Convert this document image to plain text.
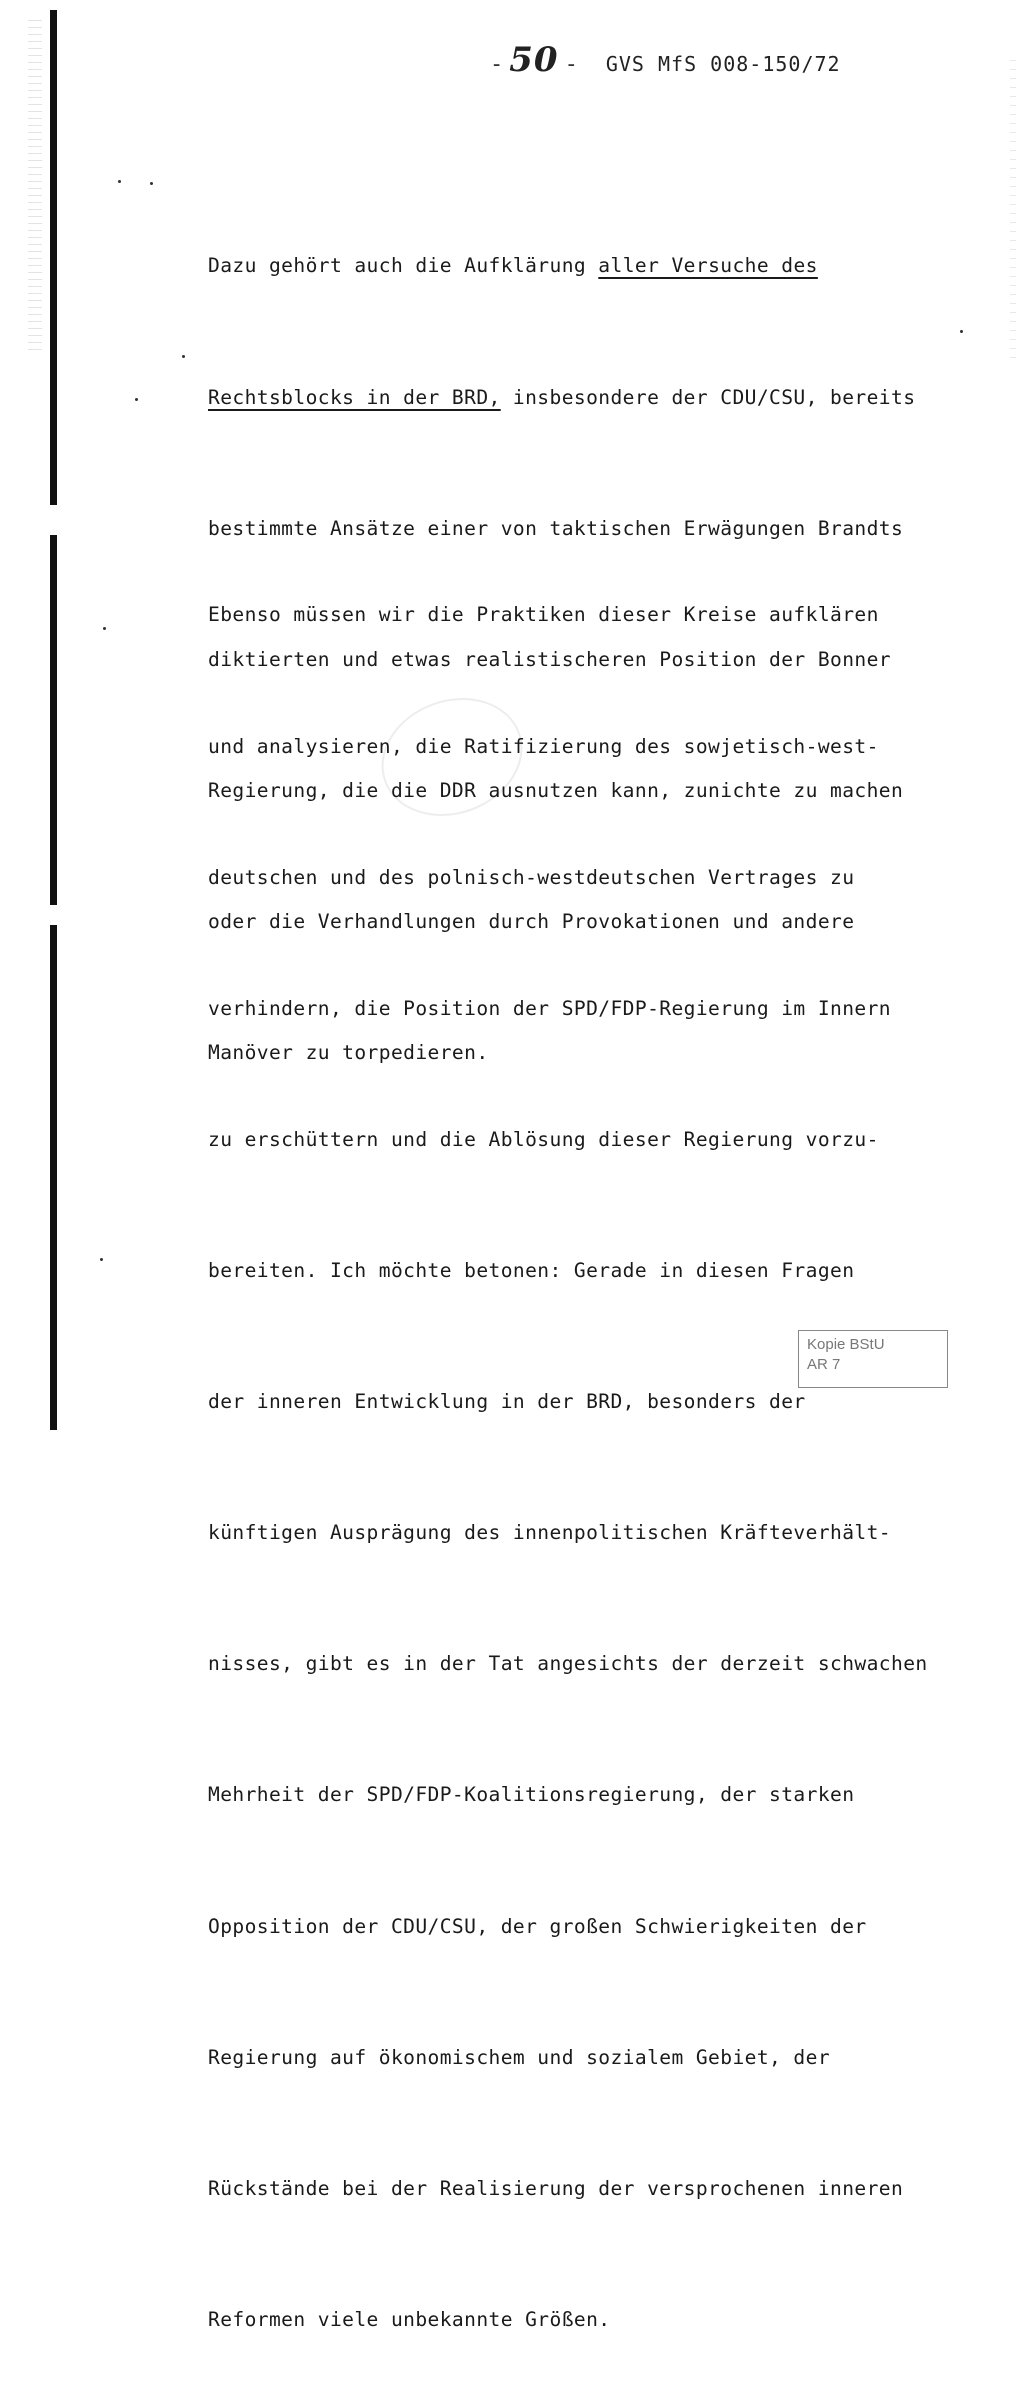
- 50 - GVS MfS 008-150/72

Dazu gehört auch die Aufklärung aller Versuche des

Rechtsblocks in der BRD, insbesondere der CDU/CSU, bereits

bestimmte Ansätze einer von taktischen Erwägungen Brandts

diktierten und etwas realistischeren Position der Bonner

Regierung, die die DDR ausnutzen kann, zunichte zu machen

oder die Verhandlungen durch Provokationen und andere

Manöver zu torpedieren.

Ebenso müssen wir die Praktiken dieser Kreise aufklären

und analysieren, die Ratifizierung des sowjetisch-west-

deutschen und des polnisch-westdeutschen Vertrages zu

verhindern, die Position der SPD/FDP-Regierung im Innern

zu erschüttern und die Ablösung dieser Regierung vorzu-

bereiten. Ich möchte betonen: Gerade in diesen Fragen

der inneren Entwicklung in der BRD, besonders der

künftigen Ausprägung des innenpolitischen Kräfteverhält-

nisses, gibt es in der Tat angesichts der derzeit schwachen

Mehrheit der SPD/FDP-Koalitionsregierung, der starken

Opposition der CDU/CSU, der großen Schwierigkeiten der

Regierung auf ökonomischem und sozialem Gebiet, der

Rückstände bei der Realisierung der versprochenen inneren

Reformen viele unbekannte Größen.

Kopie BStU
AR 7
